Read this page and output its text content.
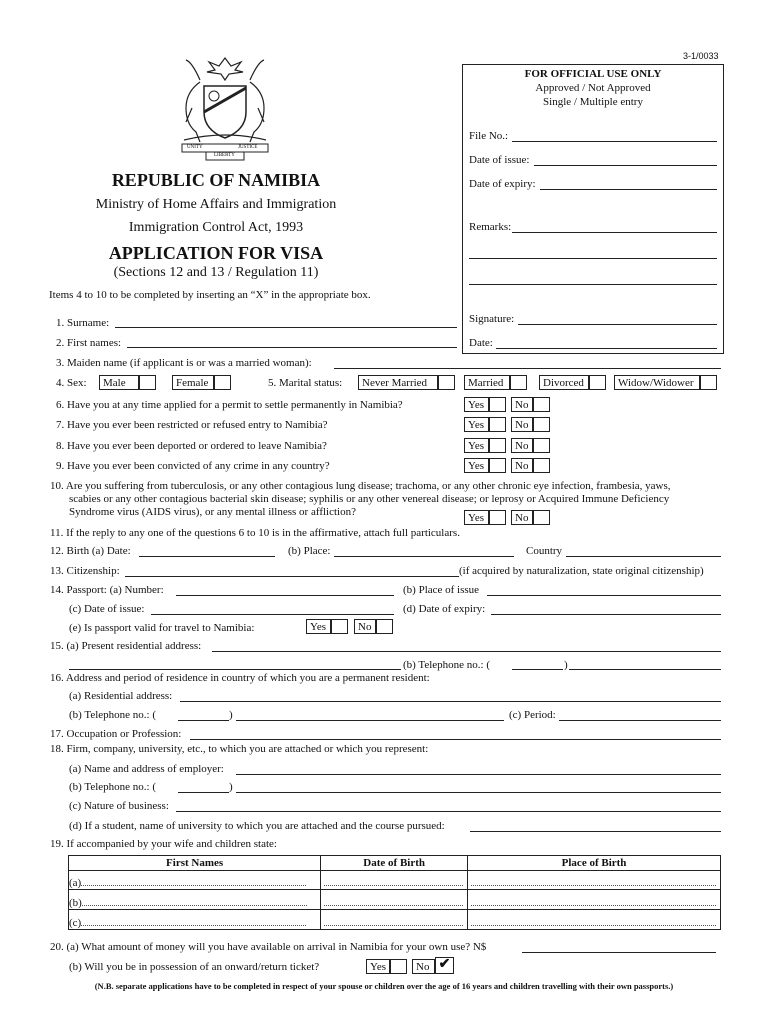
3-1/0033
UNITY	JUSTICE
LIBERTY
REPUBLIC OF NAMIBIA
Ministry of Home Affairs and Immigration
Immigration Control Act, 1993
APPLICATION FOR VISA
(Sections 12 and 13 / Regulation 11)
Items 4 to 10 to be completed by inserting an “X” in the appropriate box.
FOR OFFICIAL USE ONLY
Approved / Not Approved
Single / Multiple entry
File No.:
Date of issue:
Date of expiry:
Remarks:
Signature:
Date:
1. Surname:
2. First names:
3. Maiden name (if applicant is or was a married woman):
4. Sex:	Male	Female	5. Marital status:	Never Married	Married	Divorced	Widow/Widower
6. Have you at any time applied for a permit to settle permanently in Namibia?	Yes	No
7. Have you ever been restricted or refused entry to Namibia?	Yes	No
8. Have you ever been deported or ordered to leave Namibia?	Yes	No
9. Have you ever been convicted of any crime in any country?	Yes	No
10. Are you suffering from tuberculosis, or any other contagious lung disease; trachoma, or any other chronic eye infection, frambesia, yaws,
scabies or any other contagious bacterial skin disease; syphilis or any other venereal disease; or leprosy or Acquired Immune Deficiency
Syndrome virus (AIDS virus), or any mental illness or affliction?	Yes	No
11. If the reply to any one of the questions 6 to 10 is in the affirmative, attach full particulars.
12. Birth (a) Date:	(b) Place:	Country
13. Citizenship:	(if acquired by naturalization, state original citizenship)
14. Passport: (a) Number:	(b) Place of issue
(c) Date of issue:	(d) Date of expiry:
(e) Is passport valid for travel to Namibia:	Yes	No
15. (a) Present residential address:
(b) Telephone no.: (	)
16. Address and period of residence in country of which you are a permanent resident:
(a) Residential address:
(b) Telephone no.: (	)	(c) Period:
17. Occupation or Profession:
18. Firm, company, university, etc., to which you are attached or which you represent:
(a) Name and address of employer:
(b) Telephone no.: (	)
(c) Nature of business:
(d) If a student, name of university to which you are attached and the course pursued:
19. If accompanied by your wife and children state:
First Names	Date of Birth	Place of Birth
(a)		
(b)		
(c)		
20. (a) What amount of money will you have available on arrival in Namibia for your own use? N$
(b) Will you be in possession of an onward/return ticket?	Yes	No ✔
(N.B. separate applications have to be completed in respect of your spouse or children over the age of 16 years and children travelling with their own passports.)
